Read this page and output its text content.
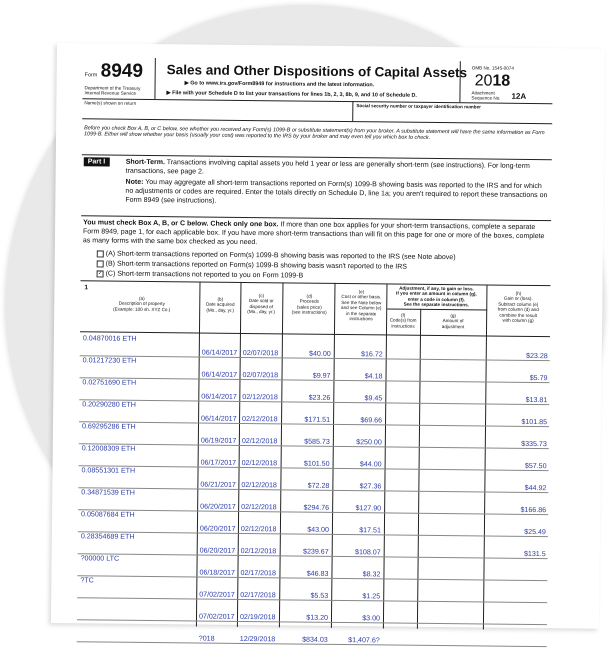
Form 8949
Department of the Treasury
Internal Revenue Service
Sales and Other Dispositions of Capital Assets
▶ Go to www.irs.gov/Form8949 for instructions and the latest information.
▶ File with your Schedule D to list your transactions for lines 1b, 2, 3, 8b, 9, and 10 of Schedule D.
OMB No. 1545-0074
2018
Attachment
Sequence No. 12A
Name(s) shown on return
Social security number or taxpayer identification number
Before you check Box A, B, or C below, see whether you received any Form(s) 1099-B or substitute statement(s) from your broker. A substitute statement will have the same information as Form 1099-B. Either will show whether your basis (usually your cost) was reported to the IRS by your broker and may even tell you which box to check.
Part I	Short-Term. Transactions involving capital assets you held 1 year or less are generally short-term (see instructions). For long-term transactions, see page 2.
Note: You may aggregate all short-term transactions reported on Form(s) 1099-B showing basis was reported to the IRS and for which no adjustments or codes are required. Enter the totals directly on Schedule D, line 1a; you aren't required to report these transactions on Form 8949 (see instructions).
You must check Box A, B, or C below. Check only one box. If more than one box applies for your short-term transactions, complete a separate Form 8949, page 1, for each applicable box. If you have more short-term transactions than will fit on this page for one or more of the boxes, complete as many forms with the same box checked as you need.
(A) Short-term transactions reported on Form(s) 1099-B showing basis was reported to the IRS (see Note above)
(B) Short-term transactions reported on Form(s) 1099-B showing basis wasn't reported to the IRS
✓ (C) Short-term transactions not reported to you on Form 1099-B
1
(a)
Description of property
(Example: 100 sh. XYZ Co.)
(b)
Date acquired
(Mo., day, yr.)
(c)
Date sold or
disposed of
(Mo., day, yr.)
(d)
Proceeds
(sales price)
(see instructions)
(e)
Cost or other basis.
See the Note below
and see Column (e)
in the separate
instructions
Adjustment, if any, to gain or loss.
If you enter an amount in column (g),
enter a code in column (f).
See the separate instructions.
(f)
Code(s) from
instructions
(g)
Amount of
adjustment
(h)
Gain or (loss).
Subtract column (e)
from column (d) and
combine the result
with column (g)
0.04870016 ETH
06/14/2017 02/07/2018	$40.00	$16.72	$23.28
0.01217230 ETH
06/14/2017 02/07/2018	$9.97	$4.18	$5.79
0.02751690 ETH
06/14/2017 02/12/2018	$23.26	$9.45	$13.81
0.20290280 ETH
06/14/2017 02/12/2018	$171.51	$69.66	$101.85
0.69295286 ETH
06/19/2017 02/12/2018	$585.73	$250.00	$335.73
0.12008309 ETH
06/17/2017 02/12/2018	$101.50	$44.00	$57.50
0.08551301 ETH
06/21/2017 02/12/2018	$72.28	$27.36	$44.92
0.34871539 ETH
06/20/2017 02/12/2018	$294.76	$127.90	$166.86
0.05087684 ETH
06/20/2017 02/12/2018	$43.00	$17.51	$25.49
0.28354689 ETH
06/20/2017 02/12/2018	$239.67	$108.07	$131.5
?00000 LTC
06/18/2017 02/17/2018	$46.83	$8.32
?TC
07/02/2017 02/17/2018	$5.53	$1.25
07/02/2017 02/19/2018	$13.20	$3.00
?018	12/29/2018	$834.03	$1,407.6?
